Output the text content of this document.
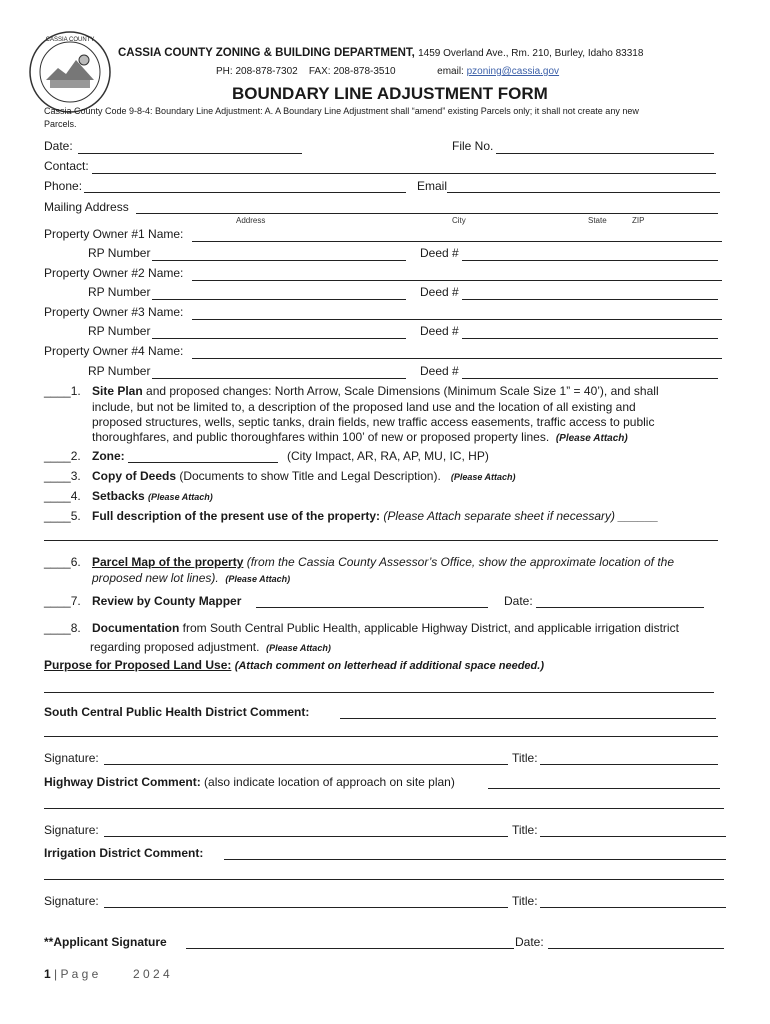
CASSIA COUNTY
CASSIA COUNTY ZONING & BUILDING DEPARTMENT, 1459 Overland Ave., Rm. 210, Burley, Idaho 83318
PH: 208-878-7302 FAX: 208-878-3510	email: pzoning@cassia.gov
BOUNDARY LINE ADJUSTMENT FORM
Cassia County Code 9-8-4: Boundary Line Adjustment: A. A Boundary Line Adjustment shall “amend” existing Parcels only; it shall not create any new
Parcels.
Date:	File No.
Contact:
Phone:	Email
Mailing Address
Address	City	State	ZIP
Property Owner #1 Name:
RP Number	Deed #
Property Owner #2 Name:
RP Number	Deed #
Property Owner #3 Name:
RP Number	Deed #
Property Owner #4 Name:
RP Number	Deed #
____1. Site Plan and proposed changes: North Arrow, Scale Dimensions (Minimum Scale Size 1” = 40’), and shall
include, but not be limited to, a description of the proposed land use and the location of all existing and
proposed structures, wells, septic tanks, drain fields, new traffic access easements, traffic access to public
thoroughfares, and public thoroughfares within 100’ of new or proposed property lines. (Please Attach)
____2. Zone:	(City Impact, AR, RA, AP, MU, IC, HP)
____3. Copy of Deeds (Documents to show Title and Legal Description). (Please Attach)
____4. Setbacks (Please Attach)
____5. Full description of the present use of the property: (Please Attach separate sheet if necessary) ______
____6. Parcel Map of the property (from the Cassia County Assessor’s Office, show the approximate location of the
proposed new lot lines). (Please Attach)
____7. Review by County Mapper	Date:
____8. Documentation from South Central Public Health, applicable Highway District, and applicable irrigation district
regarding proposed adjustment. (Please Attach)
Purpose for Proposed Land Use: (Attach comment on letterhead if additional space needed.)
South Central Public Health District Comment:
Signature:	Title:
Highway District Comment: (also indicate location of approach on site plan)
Signature:	Title:
Irrigation District Comment:
Signature:	Title:
**Applicant Signature	Date:
1 | P a g e	2 0 2 4
